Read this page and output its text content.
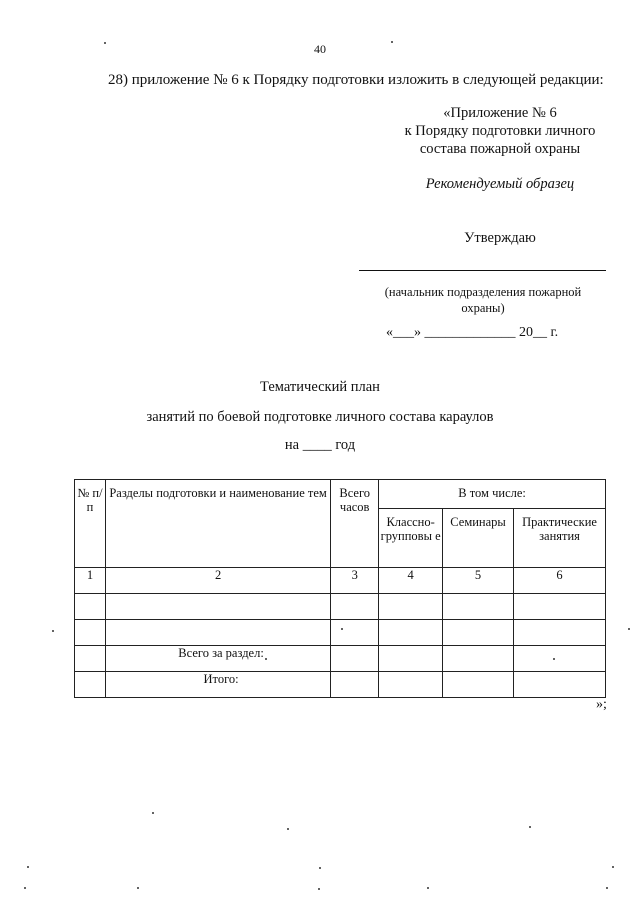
40
28) приложение № 6 к Порядку подготовки изложить в следующей редакции:
«Приложение № 6
к Порядку подготовки личного
состава пожарной охраны
Рекомендуемый образец
Утверждаю
(начальник подразделения пожарной охраны)
«___» _____________ 20__ г.
Тематический план
занятий по боевой подготовке личного состава караулов
на ____ год
№ п/п	Разделы подготовки и наименование тем	Всего часов	В том числе:		
			Классно-групповы е	Семинары	Практические занятия
1	2	3	4	5	6

	Всего за раздел:				
	Итого:				
»;
